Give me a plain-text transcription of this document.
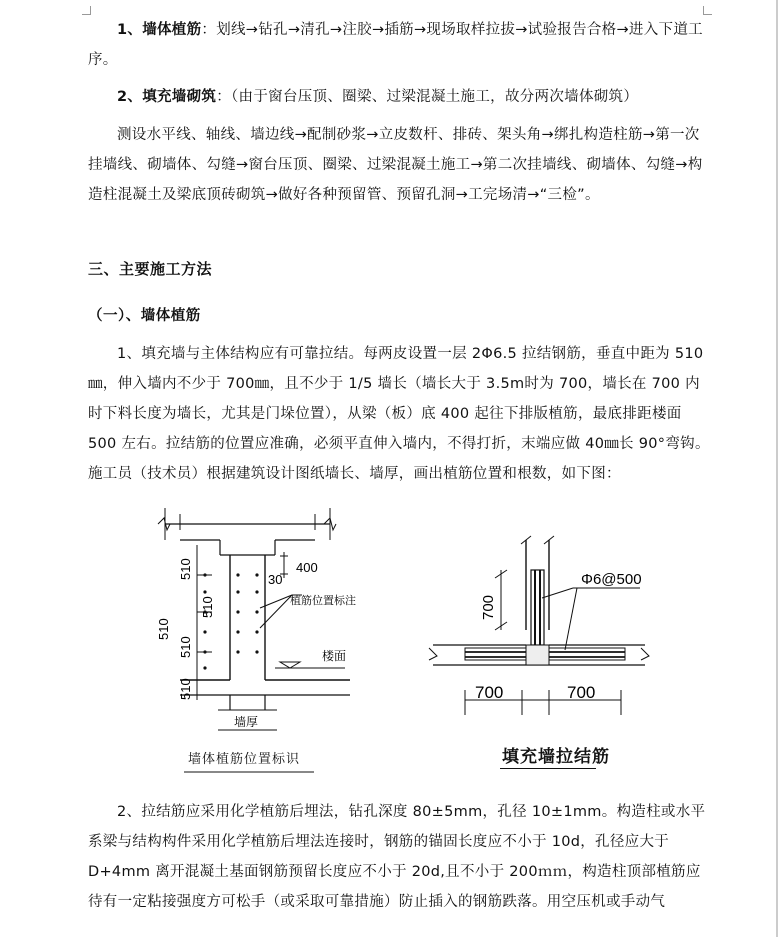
1、墙体植筋：划线→钻孔→清孔→注胶→插筋→现场取样拉拔→试验报告合格→进入下道工序。

2、填充墙砌筑：（由于窗台压顶、圈梁、过梁混凝土施工，故分两次墙体砌筑）

测设水平线、轴线、墙边线→配制砂浆→立皮数杆、排砖、架头角→绑扎构造柱筋→第一次挂墙线、砌墙体、勾缝→窗台压顶、圈梁、过梁混凝土施工→第二次挂墙线、砌墙体、勾缝→构造柱混凝土及梁底顶砖砌筑→做好各种预留管、预留孔洞→工完场清→“三检”。

三、主要施工方法
（一）、墙体植筋

1、填充墙与主体结构应有可靠拉结。每两皮设置一层 2Φ6.5 拉结钢筋，垂直中距为 510㎜，伸入墙内不少于 700㎜，且不少于 1/5 墙长（墙长大于 3.5m时为 700，墙长在 700 内时下料长度为墙长，尤其是门垛位置），从梁（板）底 400 起往下排版植筋，最底排距楼面 500 左右。拉结筋的位置应准确，必须平直伸入墙内，不得打折，末端应做 40㎜长 90°弯钩。施工员（技术员）根据建筑设计图纸墙长、墙厚，画出植筋位置和根数，如下图：

400
30
植筋位置标注
楼面
510
510
510
510
510
墙厚
墙体植筋位置标识
700
Φ6@500
700	700
填充墙拉结筋

2、拉结筋应采用化学植筋后埋法，钻孔深度 80±5mm，孔径 10±1mm。构造柱或水平系梁与结构构件采用化学植筋后埋法连接时，钢筋的锚固长度应不小于 10d，孔径应大于 D+4mm 离开混凝土基面钢筋预留长度应不小于 20d,且不小于 200ｍｍ，构造柱顶部植筋应待有一定粘接强度方可松手（或采取可靠措施）防止插入的钢筋跌落。用空压机或手动气
